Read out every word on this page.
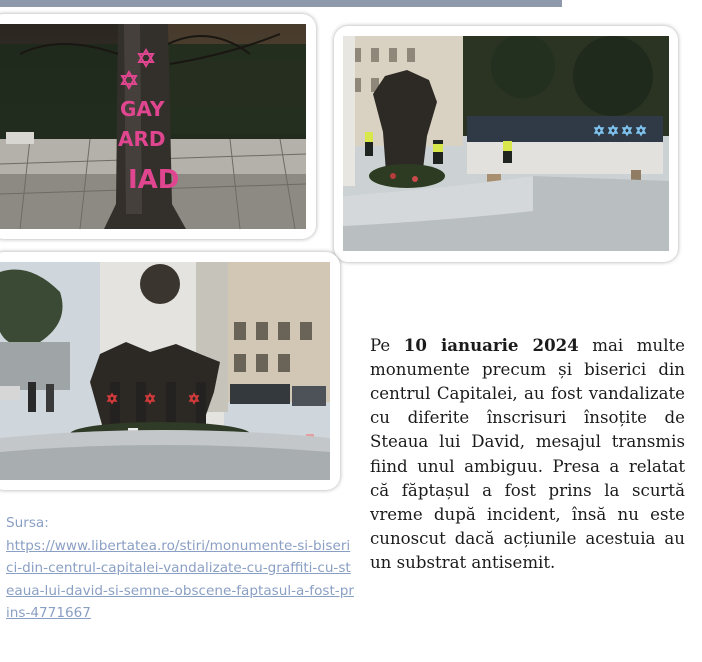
GAY
ARD
IAD

Pe 10 ianuarie 2024 mai multe monumente precum și biserici din centrul Capitalei, au fost vandalizate cu diferite înscrisuri însoțite de Steaua lui David, mesajul transmis fiind unul ambiguu. Presa a relatat că făptașul a fost prins la scurtă vreme după incident, însă nu este cunoscut dacă acțiunile acestuia au un substrat antisemit.

Sursa:
https://www.libertatea.ro/stiri/monumente-si-biserici-din-centrul-capitalei-vandalizate-cu-graffiti-cu-steaua-lui-david-si-semne-obscene-faptasul-a-fost-prins-4771667
